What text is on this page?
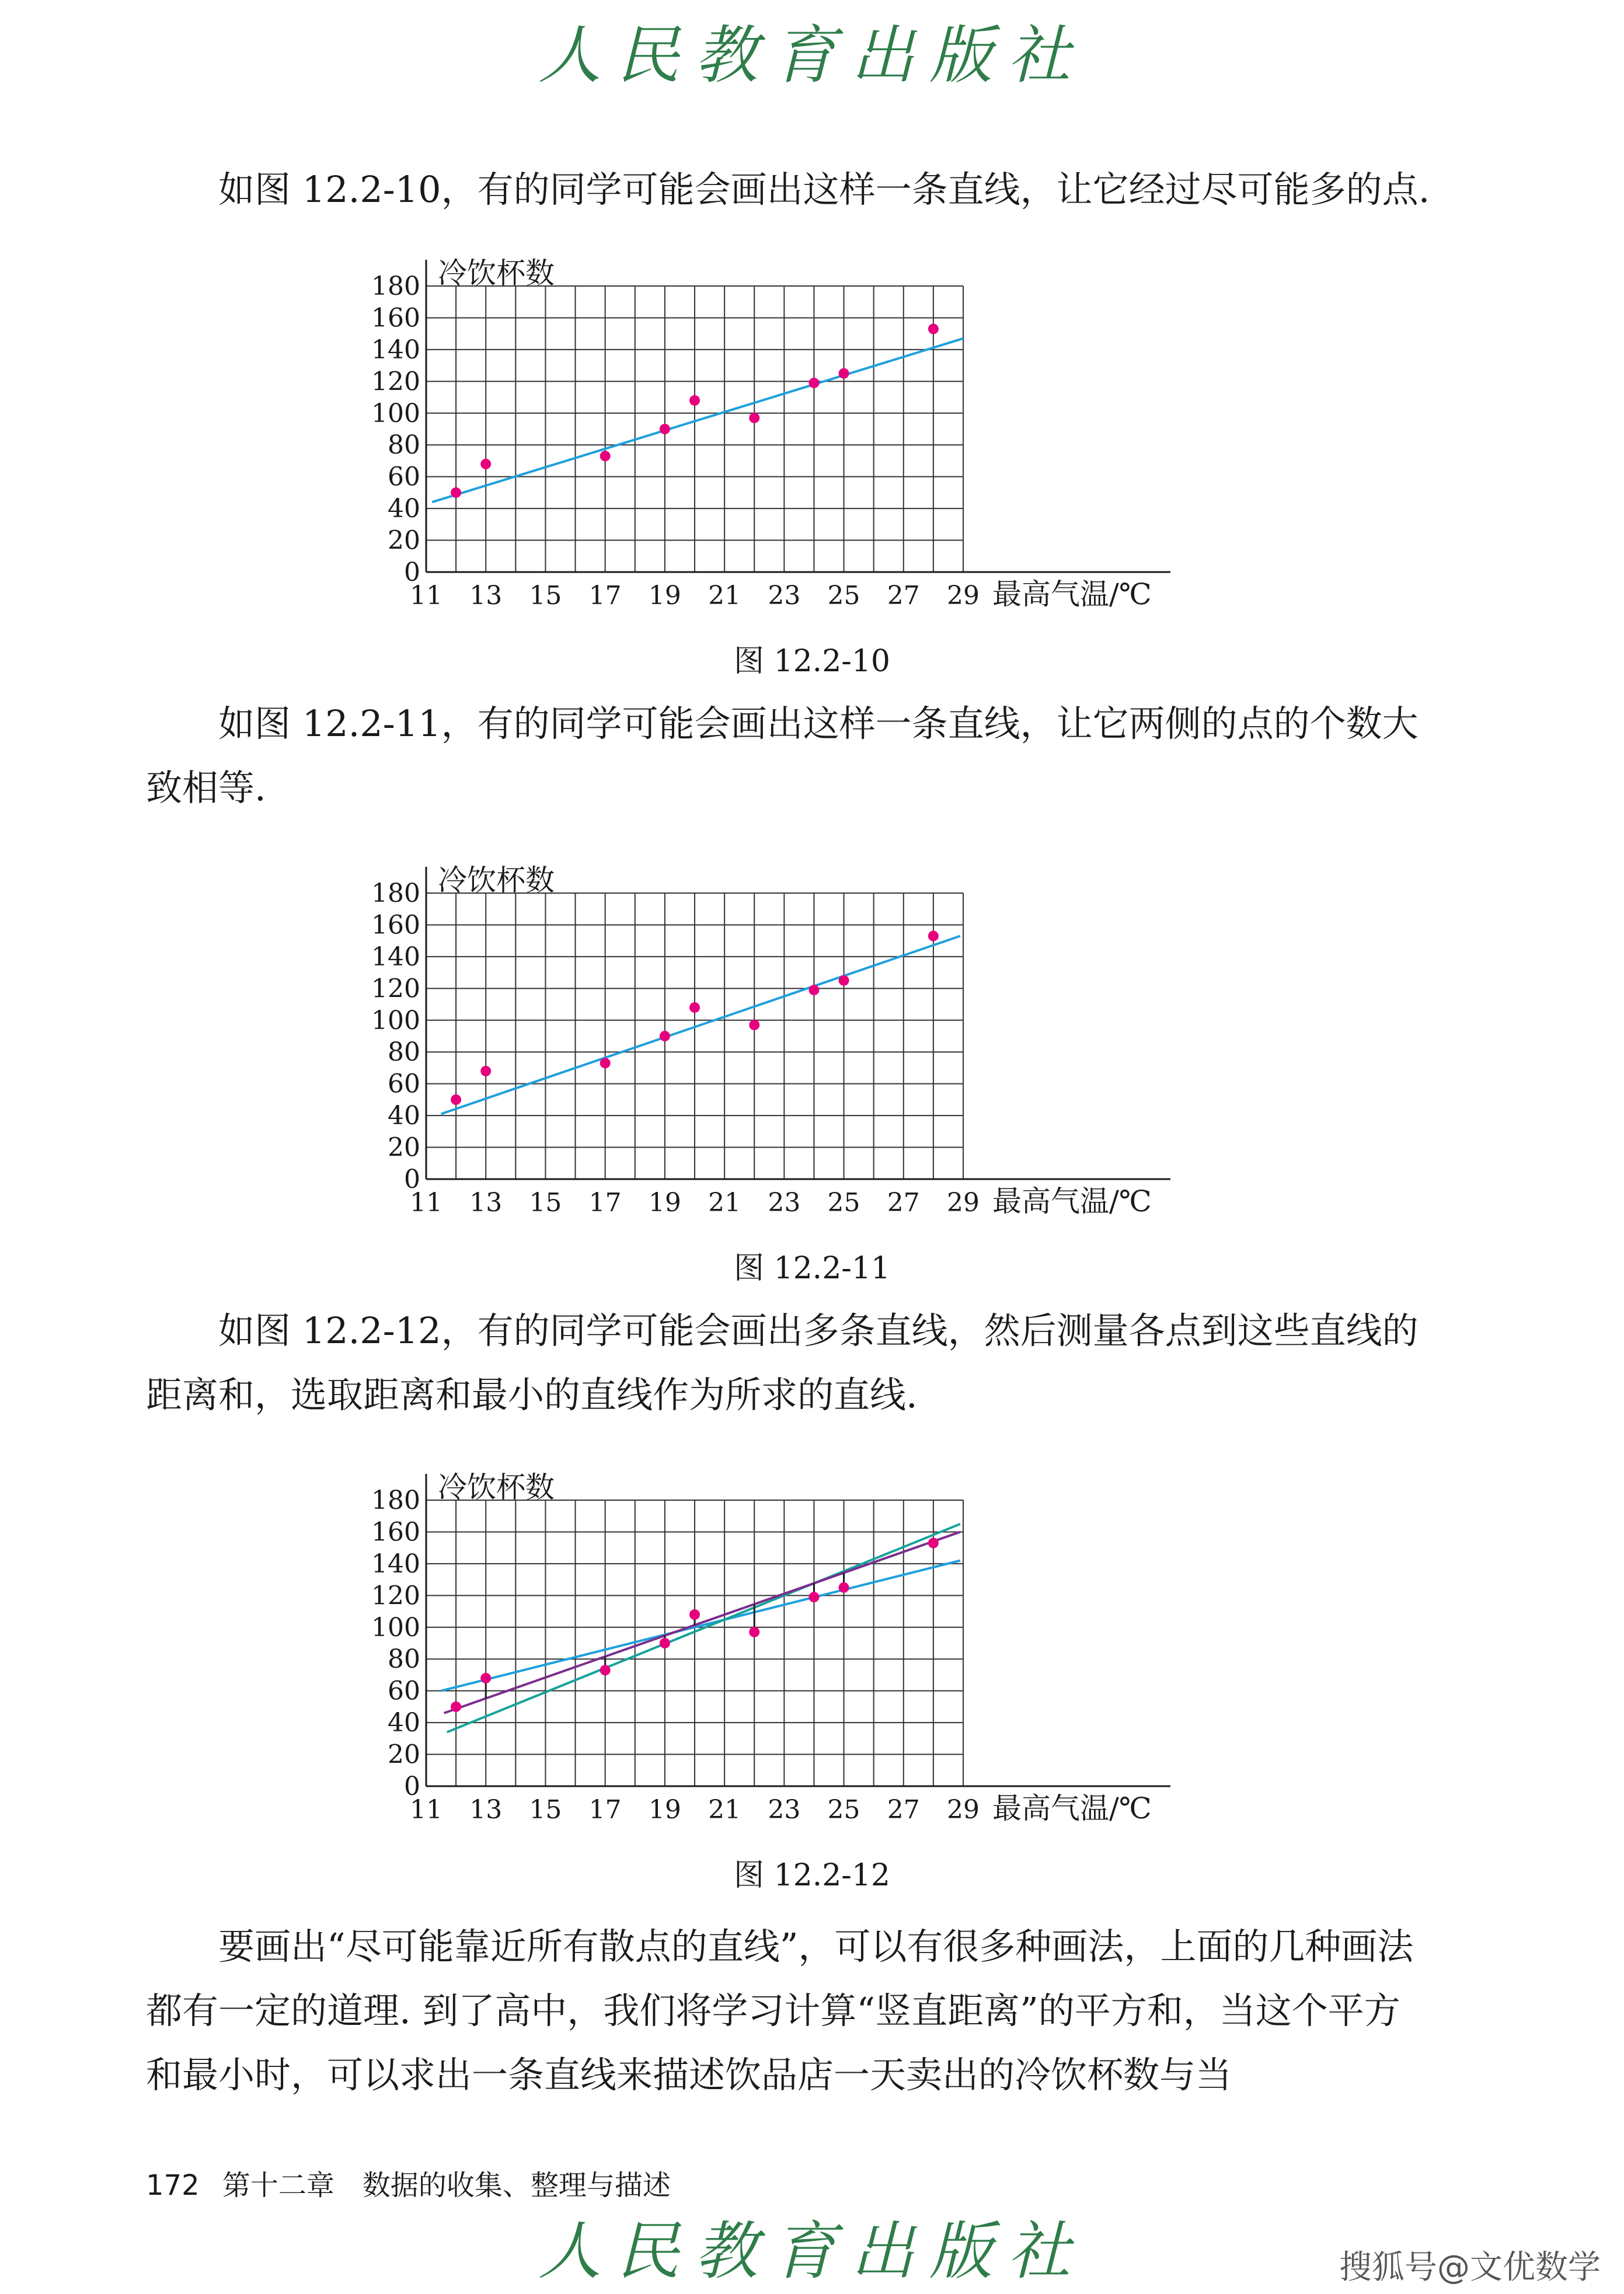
人民教育出版社

如图 12.2-10，有的同学可能会画出这样一条直线，让它经过尽可能多的点.

0
20
40
60
80
100
120
140
160
180
11 13 15 17 19 21 23 25 27 29
冷饮杯数
最高气温/℃
图 12.2-10

如图 12.2-11，有的同学可能会画出这样一条直线，让它两侧的点的个数大致相等.

0
20
40
60
80
100
120
140
160
180
11 13 15 17 19 21 23 25 27 29
冷饮杯数
最高气温/℃
图 12.2-11

如图 12.2-12，有的同学可能会画出多条直线，然后测量各点到这些直线的距离和，选取距离和最小的直线作为所求的直线.

0
20
40
60
80
100
120
140
160
180
11 13 15 17 19 21 23 25 27 29
冷饮杯数
最高气温/℃
图 12.2-12

要画出“尽可能靠近所有散点的直线”，可以有很多种画法，上面的几种画法都有一定的道理. 到了高中，我们将学习计算“竖直距离”的平方和，当这个平方和最小时，可以求出一条直线来描述饮品店一天卖出的冷饮杯数与当

172 第十二章　数据的收集、整理与描述
人民教育出版社	搜狐号@文优数学
